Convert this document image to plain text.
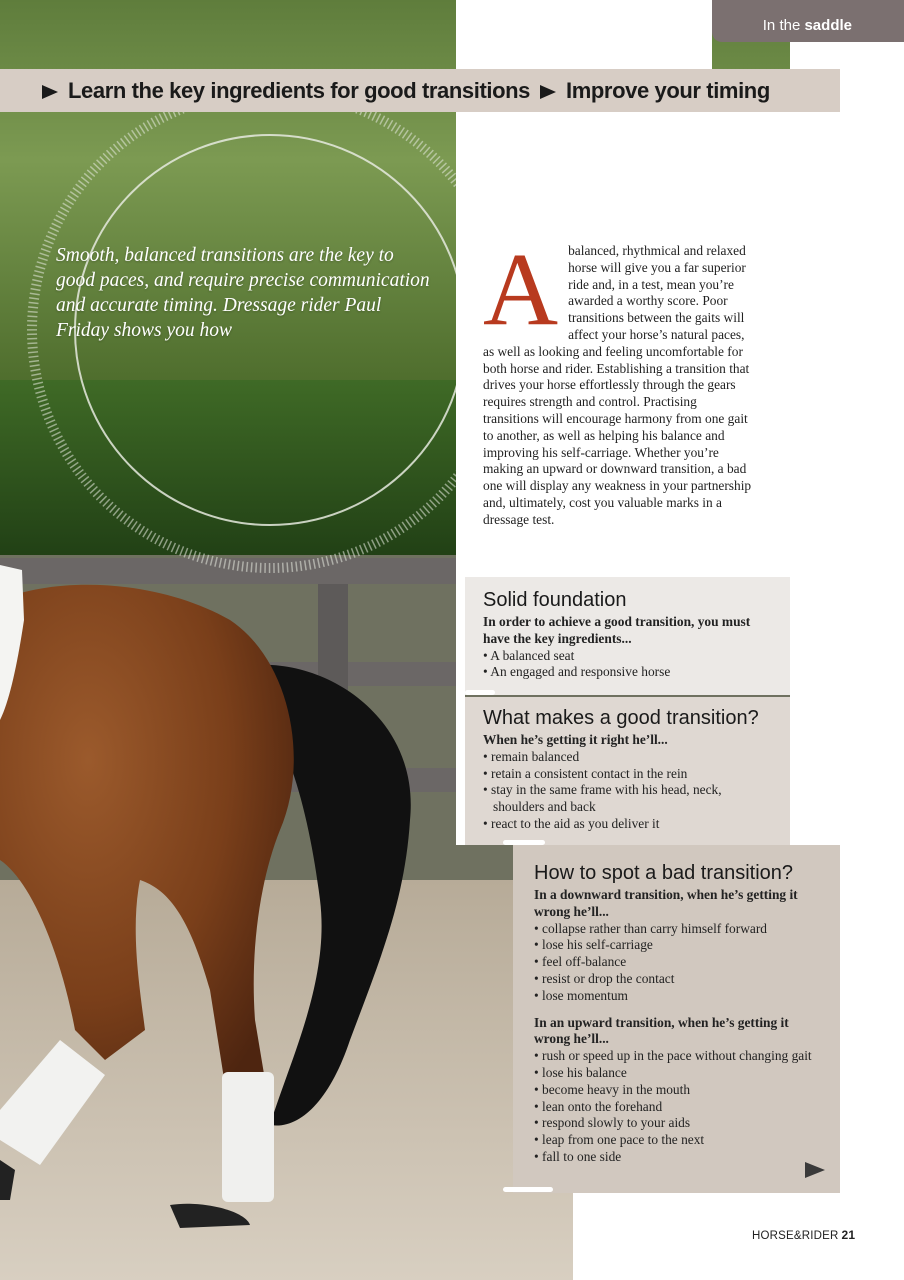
In the saddle
Learn the key ingredients for good transitions Improve your timing
Smooth, balanced transitions are the key to good paces, and require precise communication and accurate timing. Dressage rider Paul Friday shows you how	A balanced, rhythmical and relaxed horse will give you a far superior ride and, in a test, mean you’re awarded a worthy score. Poor transitions between the gaits will affect your horse’s natural paces, as well as looking and feeling uncomfortable for both horse and rider. Establishing a transition that drives your horse effortlessly through the gears requires strength and control. Practising transitions will encourage harmony from one gait to another, as well as helping his balance and improving his self-carriage. Whether you’re making an upward or downward transition, a bad one will display any weakness in your partnership and, ultimately, cost you valuable marks in a dressage test.
Solid foundation
In order to achieve a good transition, you must have the key ingredients...
• A balanced seat
• An engaged and responsive horse
What makes a good transition?
When he’s getting it right he’ll...
• remain balanced
• retain a consistent contact in the rein
• stay in the same frame with his head, neck, shoulders and back
• react to the aid as you deliver it
How to spot a bad transition?
In a downward transition, when he’s getting it wrong he’ll...
• collapse rather than carry himself forward
• lose his self-carriage
• feel off-balance
• resist or drop the contact
• lose momentum
In an upward transition, when he’s getting it wrong he’ll...
• rush or speed up in the pace without changing gait
• lose his balance
• become heavy in the mouth
• lean onto the forehand
• respond slowly to your aids
• leap from one pace to the next
• fall to one side
HORSE&RIDER 21
